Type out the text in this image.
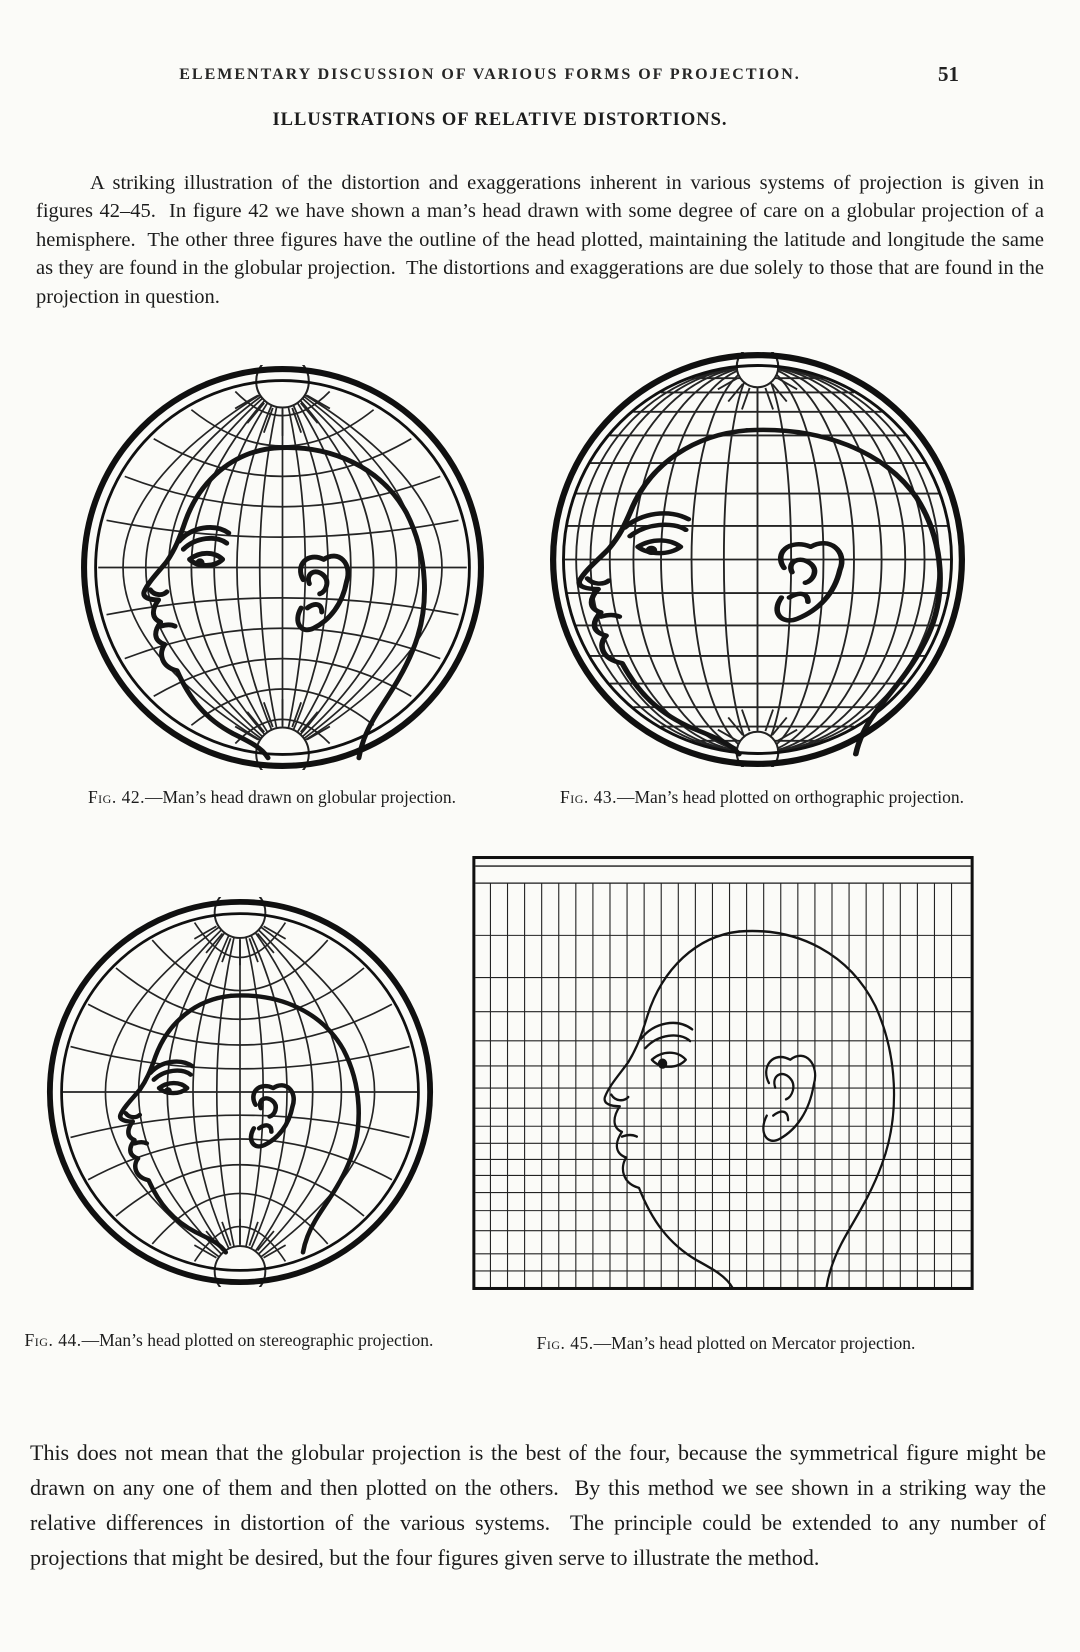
ELEMENTARY DISCUSSION OF VARIOUS FORMS OF PROJECTION.	51
ILLUSTRATIONS OF RELATIVE DISTORTIONS.

A striking illustration of the distortion and exaggerations inherent in various systems of projection is given in figures 42–45.  In figure 42 we have shown a man’s head drawn with some degree of care on a globular projection of a hemisphere.  The other three figures have the outline of the head plotted, maintaining the latitude and longitude the same as they are found in the globular projection.  The distortions and exaggerations are due solely to those that are found in the projection in question.

Fig. 42.—Man’s head drawn on globular projection.	Fig. 43.—Man’s head plotted on orthographic projection.
Fig. 44.—Man’s head plotted on stereographic projection.	Fig. 45.—Man’s head plotted on Mercator projection.

This does not mean that the globular projection is the best of the four, because the symmetrical figure might be drawn on any one of them and then plotted on the others.  By this method we see shown in a striking way the relative differences in distortion of the various systems.  The principle could be extended to any number of projections that might be desired, but the four figures given serve to illustrate the method.
